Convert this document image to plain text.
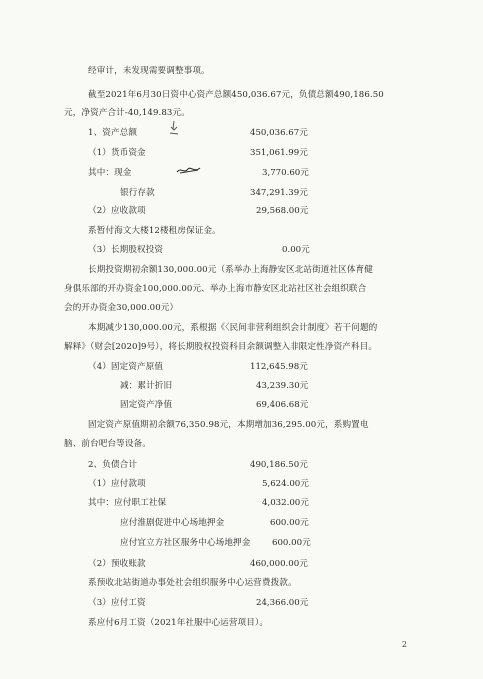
经审计，未发现需要调整事项。
截至2021年6月30日资中心资产总额450,036.67元，负债总额490,186.50
元，净资产合计-40,149.83元。
1、资产总额
（1）货币资金
其中：现金
银行存款
（2）应收款项
系暂付海文大楼12楼租房保证金。
（3）长期股权投资
长期投资期初余额130,000.00元（系举办上海静安区北站街道社区体育健
身俱乐部的开办资金100,000.00元、举办上海市静安区北站社区社会组织联合
会的开办资金30,000.00元）
本期减少130,000.00元，系根据《〈民间非营利组织会计制度〉若干问题的
解释》（财会[2020]9号），将长期股权投资科目余额调整入非限定性净资产科目。
（4）固定资产原值
减：累计折旧
固定资产净值
固定资产原值期初余额76,350.98元，本期增加36,295.00元，系购置电
脑、前台吧台等设备。
2、负债合计
（1）应付款项
其中：应付职工社保
应付淮剧促进中心场地押金
应付宜立方社区服务中心场地押金
（2）预收账款
系预收北站街道办事处社会组织服务中心运营费拨款。
（3）应付工资
系应付6月工资（2021年社服中心运营项目）。
450,036.67元
351,061.99元
3,770.60元
347,291.39元
29,568.00元
0.00元
112,645.98元
43,239.30元
69,406.68元
490,186.50元
5,624.00元
4,032.00元
600.00元
600.00元
460,000.00元
24,366.00元
2
